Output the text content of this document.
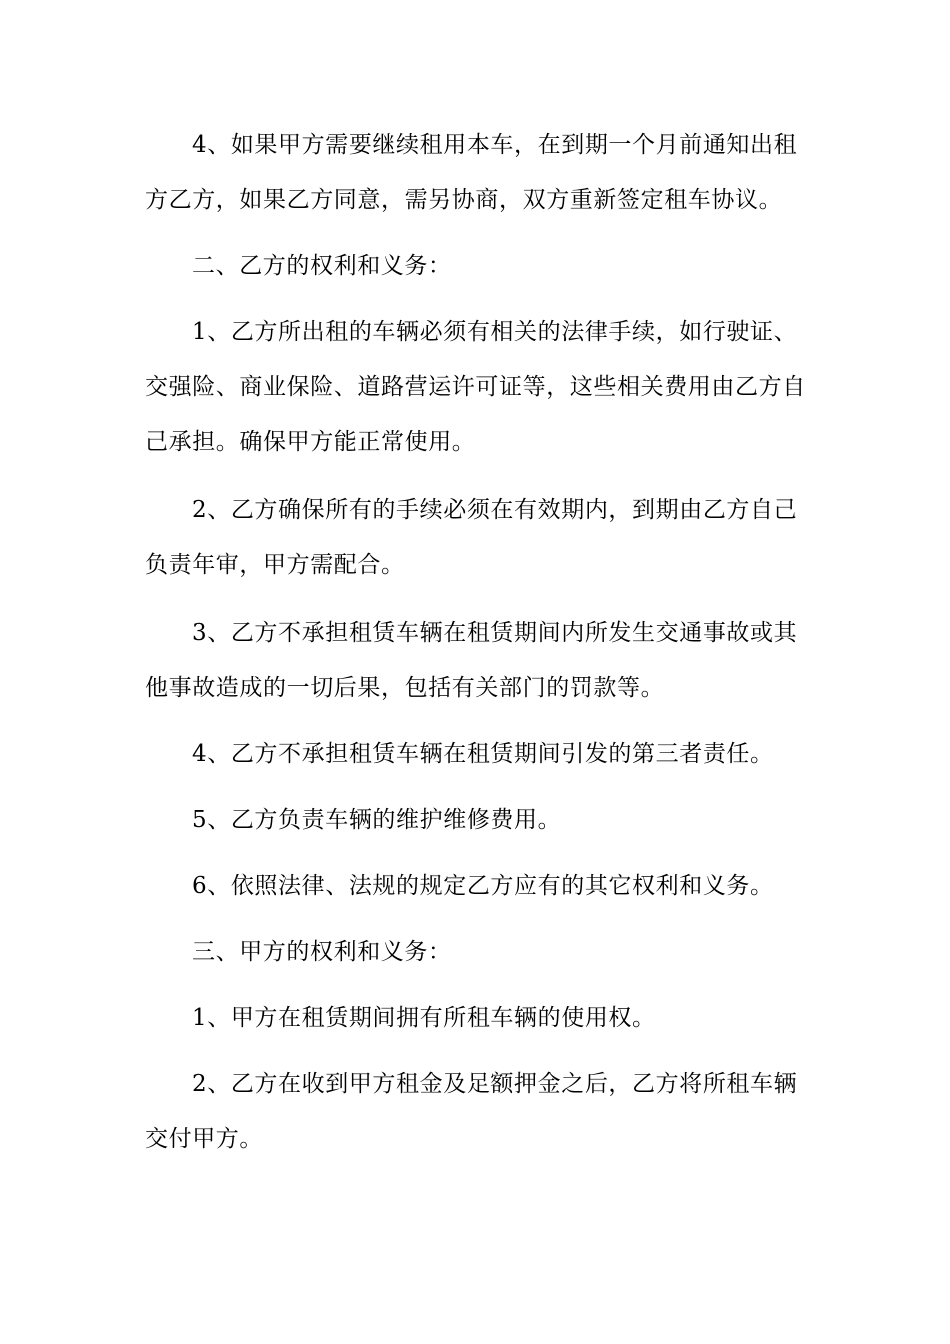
4、如果甲方需要继续租用本车，在到期一个月前通知出租方乙方，如果乙方同意，需另协商，双方重新签定租车协议。

二、乙方的权利和义务：

1、乙方所出租的车辆必须有相关的法律手续，如行驶证、交强险、商业保险、道路营运许可证等，这些相关费用由乙方自己承担。确保甲方能正常使用。

2、乙方确保所有的手续必须在有效期内，到期由乙方自己负责年审，甲方需配合。

3、乙方不承担租赁车辆在租赁期间内所发生交通事故或其他事故造成的一切后果，包括有关部门的罚款等。

4、乙方不承担租赁车辆在租赁期间引发的第三者责任。

5、乙方负责车辆的维护维修费用。

6、依照法律、法规的规定乙方应有的其它权利和义务。

三、甲方的权利和义务：

1、甲方在租赁期间拥有所租车辆的使用权。

2、乙方在收到甲方租金及足额押金之后，乙方将所租车辆交付甲方。
